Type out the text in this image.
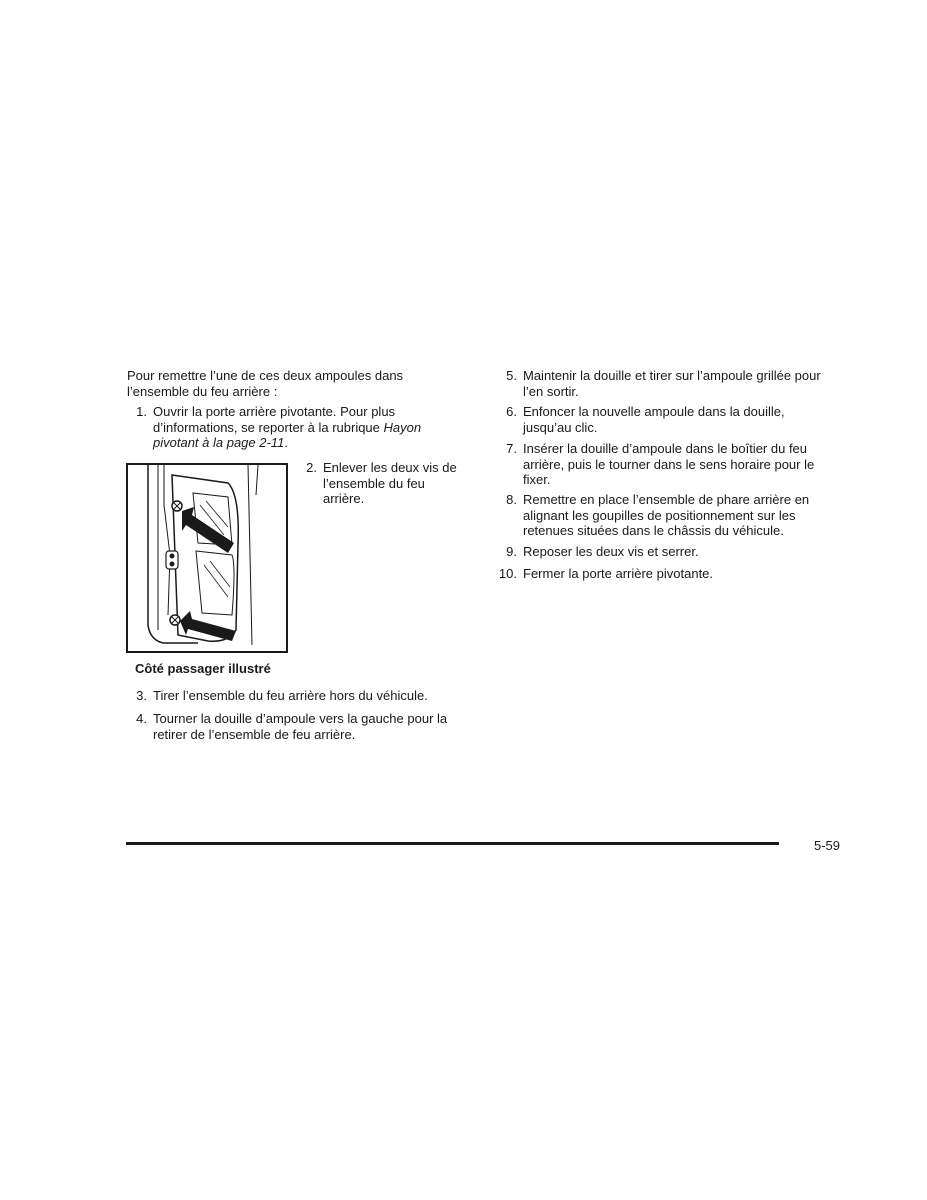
Pour remettre l’une de ces deux ampoules dans l’ensemble du feu arrière :

1. Ouvrir la porte arrière pivotante. Pour plus d’informations, se reporter à la rubrique Hayon pivotant à la page 2-11.
2. Enlever les deux vis de l’ensemble du feu arrière.
Côté passager illustré
3. Tirer l’ensemble du feu arrière hors du véhicule.
4. Tourner la douille d’ampoule vers la gauche pour la retirer de l’ensemble de feu arrière.
5. Maintenir la douille et tirer sur l’ampoule grillée pour l’en sortir.
6. Enfoncer la nouvelle ampoule dans la douille, jusqu’au clic.
7. Insérer la douille d’ampoule dans le boîtier du feu arrière, puis le tourner dans le sens horaire pour le fixer.
8. Remettre en place l’ensemble de phare arrière en alignant les goupilles de positionnement sur les retenues situées dans le châssis du véhicule.
9. Reposer les deux vis et serrer.
10. Fermer la porte arrière pivotante.
5-59
